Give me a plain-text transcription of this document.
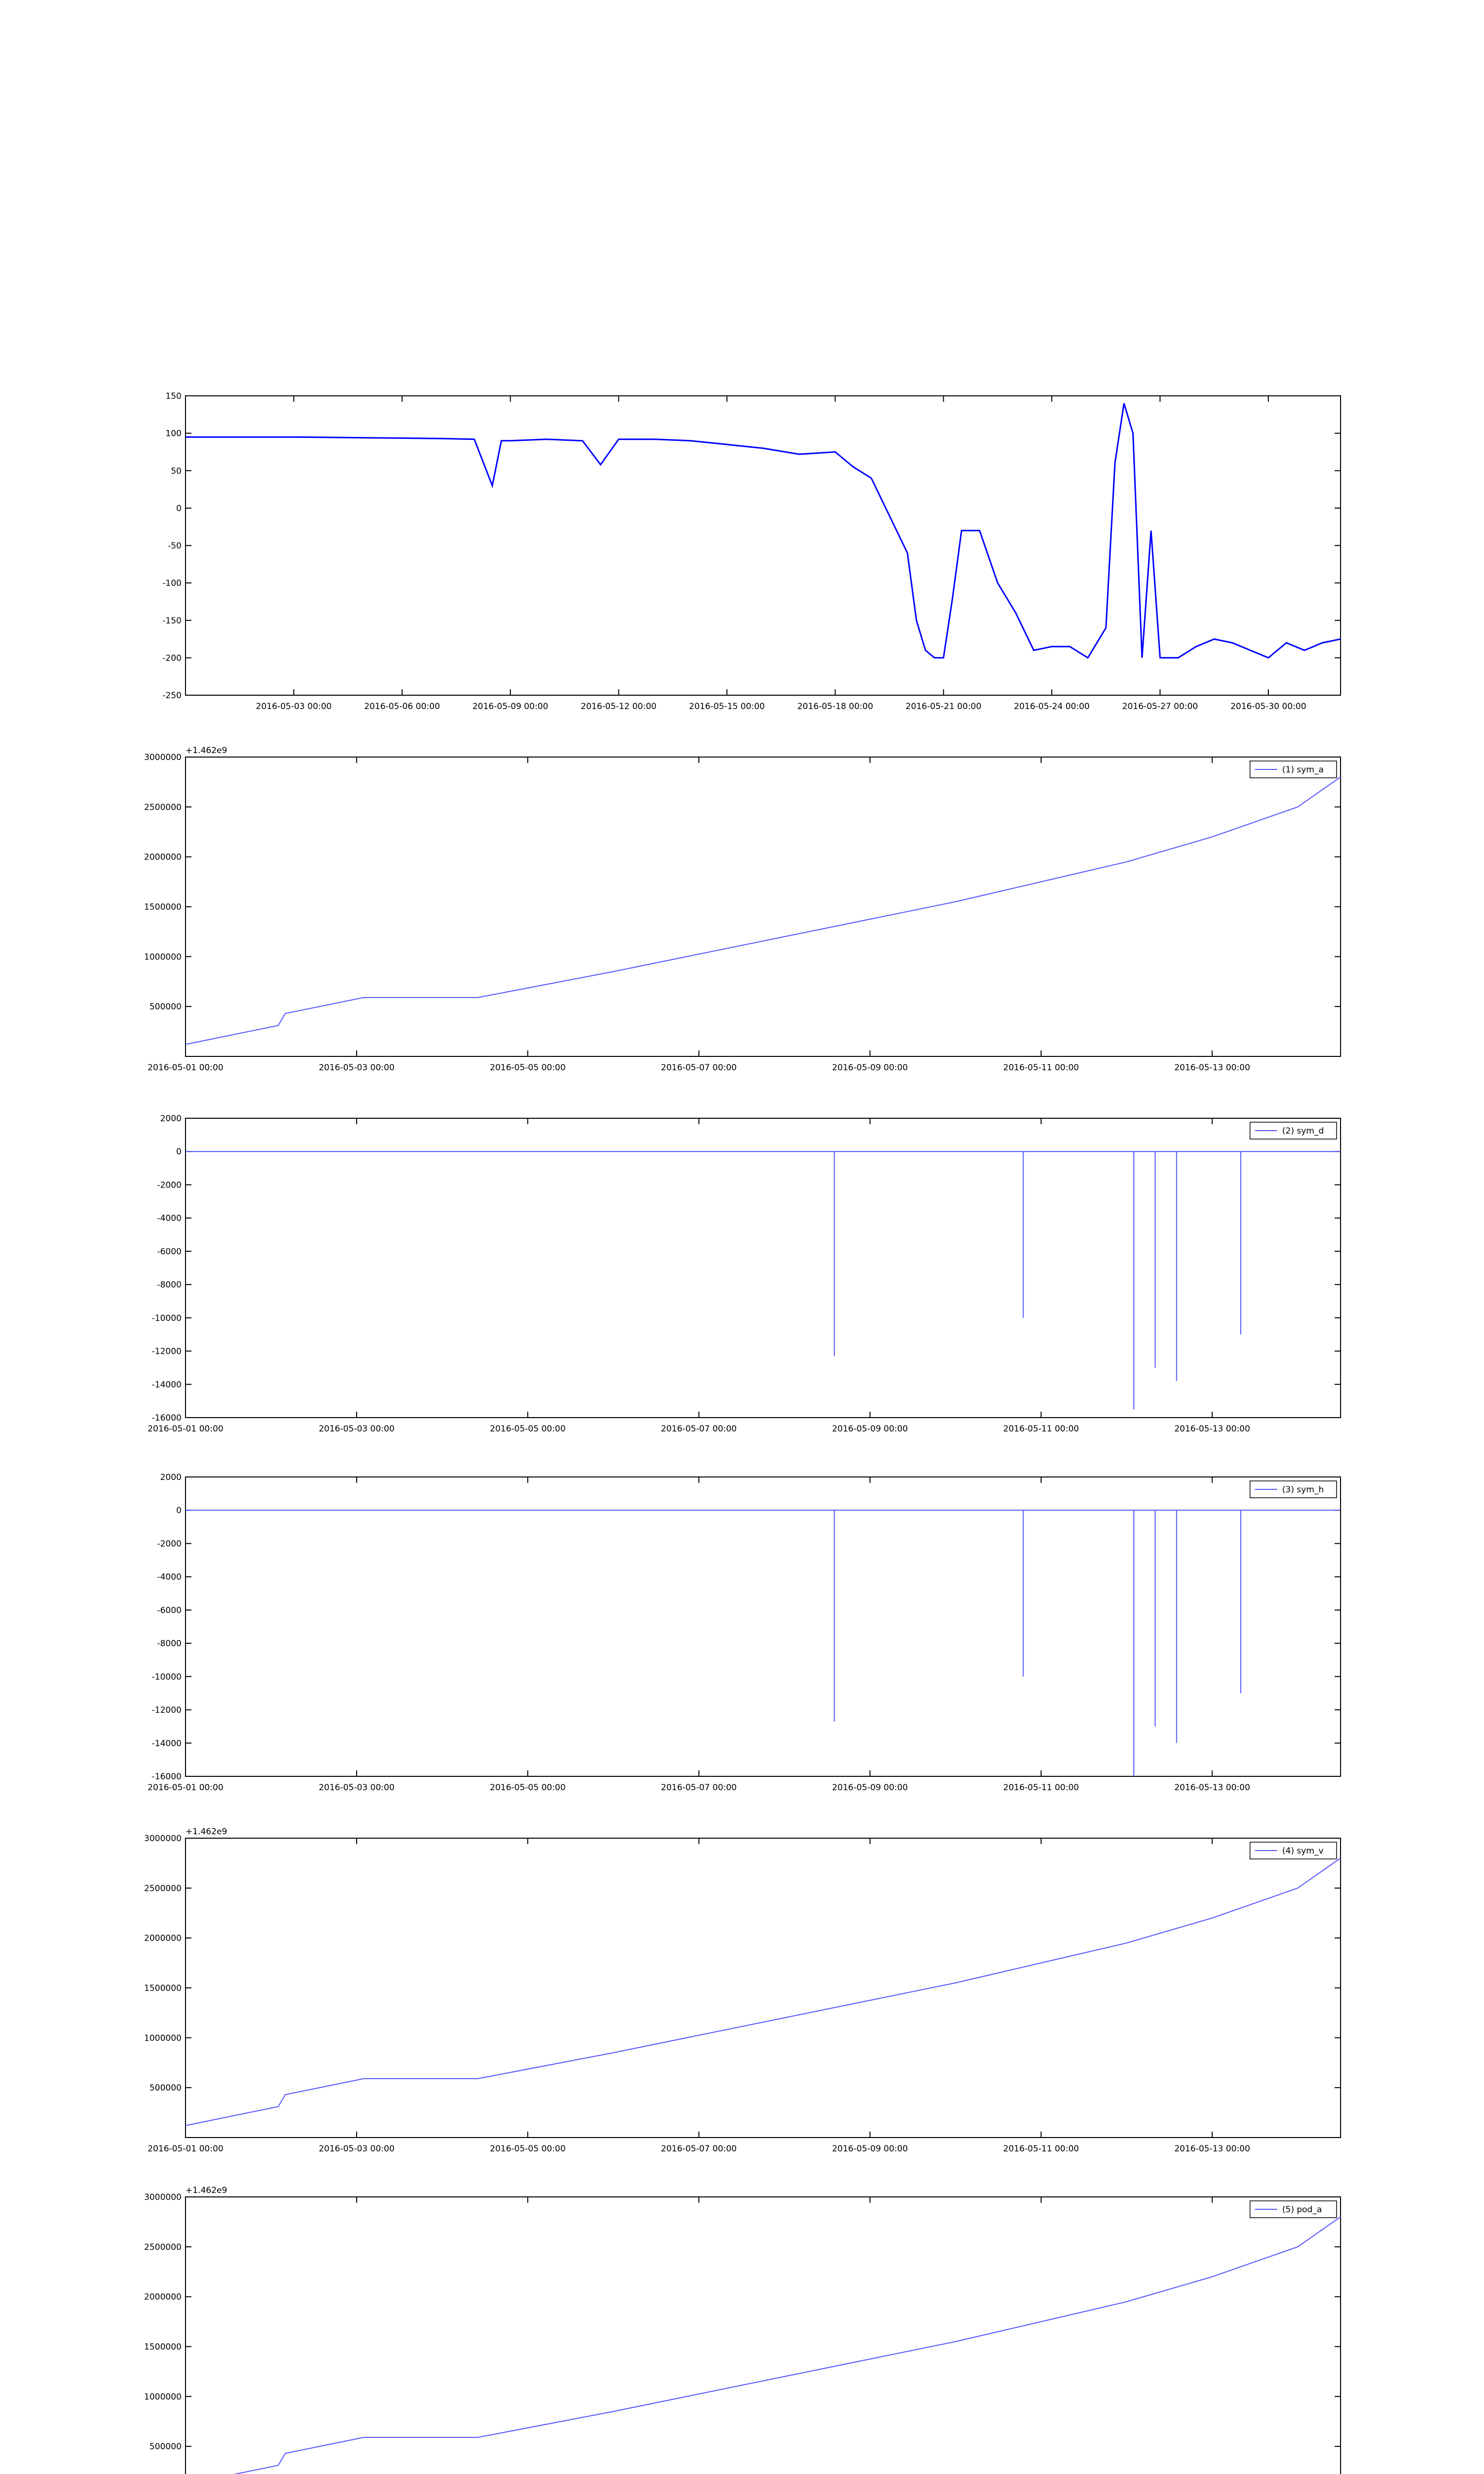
150
100
50
0
-50
-100
-150
-200
-250
2016-05-03 00:00	2016-05-06 00:00	2016-05-09 00:00	2016-05-12 00:00	2016-05-15 00:00	2016-05-18 00:00	2016-05-21 00:00	2016-05-24 00:00	2016-05-27 00:00	2016-05-30 00:00
3000000
2500000
2000000
1500000
1000000
500000
2016-05-01 00:00	2016-05-03 00:00	2016-05-05 00:00	2016-05-07 00:00	2016-05-09 00:00	2016-05-11 00:00	2016-05-13 00:00
+1.462e9
(1) sym_a
2000
0
-2000
-4000
-6000
-8000
-10000
-12000
-14000
-16000
2016-05-01 00:00	2016-05-03 00:00	2016-05-05 00:00	2016-05-07 00:00	2016-05-09 00:00	2016-05-11 00:00	2016-05-13 00:00
(2) sym_d
2000
0
-2000
-4000
-6000
-8000
-10000
-12000
-14000
-16000
2016-05-01 00:00	2016-05-03 00:00	2016-05-05 00:00	2016-05-07 00:00	2016-05-09 00:00	2016-05-11 00:00	2016-05-13 00:00
(3) sym_h
3000000
2500000
2000000
1500000
1000000
500000
2016-05-01 00:00	2016-05-03 00:00	2016-05-05 00:00	2016-05-07 00:00	2016-05-09 00:00	2016-05-11 00:00	2016-05-13 00:00
+1.462e9
(4) sym_v
3000000
2500000
2000000
1500000
1000000
500000
+1.462e9
(5) pod_a
